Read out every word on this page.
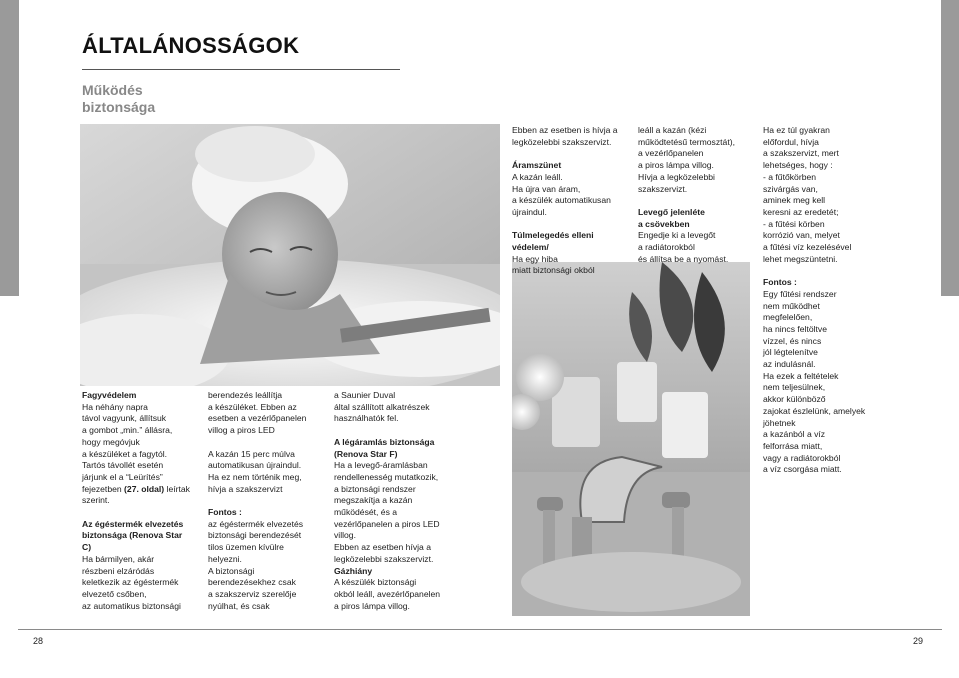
ÁLTALÁNOSSÁGOK
Működés
biztonsága

Fagyvédelem

Ha néhány napra

távol vagyunk, állítsuk

a gombot „min.” állásra,

hogy megóvjuk

a készüléket a fagytól.

Tartós távollét esetén

járjunk el a “Leürítés”

fejezetben (27. oldal) leírtak

szerint.

Az égéstermék elvezetés

biztonsága (Renova Star

C)

Ha bármilyen, akár

részbeni elzáródás

keletkezik az égéstermék

elvezető csőben,

az automatikus biztonsági

berendezés leállítja

a készüléket. Ebben az

esetben a vezérlőpanelen

villog a piros LED

A kazán 15 perc múlva

automatikusan újraindul.

Ha ez nem történik meg,

hívja a szakszervizt

Fontos :

az égéstermék elvezetés

biztonsági berendezését

tilos üzemen kívülre

helyezni.

A biztonsági

berendezésekhez csak

a szakszerviz szerelője

nyúlhat, és csak

a Saunier Duval

által szállított alkatrészek

használhatók fel.

A légáramlás biztonsága

(Renova Star F)

Ha a levegő-áramlásban

rendellenesség mutatkozik,

a biztonsági rendszer

megszakítja a kazán

működését, és a

vezérlőpanelen a piros LED

villog.

Ebben az esetben hívja a

legközelebbi szakszervizt.

Gázhiány

A készülék biztonsági

okból leáll, avezérlőpanelen

a piros lámpa villog.

Ebben az esetben is hívja a

legközelebbi szakszervizt.

Áramszünet

A kazán leáll.

Ha újra van áram,

a készülék automatikusan

újraindul.

Túlmelegedés elleni

védelem/

Ha egy hiba

miatt biztonsági okból

leáll a kazán (kézi

működtetésű termosztát),

a vezérlőpanelen

a piros lámpa villog.

Hívja a legközelebbi

szakszervizt.

Levegő jelenléte

a csövekben

Engedje ki a levegőt

a radiátorokból

és állítsa be a nyomást.

Ha ez túl gyakran

előfordul, hívja

a szakszervizt, mert

lehetséges, hogy :

- a fűtőkörben

szivárgás van,

aminek meg kell

keresni az eredetét;

- a fűtési körben

korrózió van, melyet

a fűtési víz kezelésével

lehet megszüntetni.

Fontos :

Egy fűtési rendszer

nem működhet

megfelelően,

ha nincs feltöltve

vízzel, és nincs

jól légtelenítve

az indulásnál.

Ha ezek a feltételek

nem teljesülnek,

akkor különböző

zajokat észlelünk, amelyek

jöhetnek

a kazánból a víz

felforrása miatt,

vagy a radiátorokból

a víz csorgása miatt.

28	29
